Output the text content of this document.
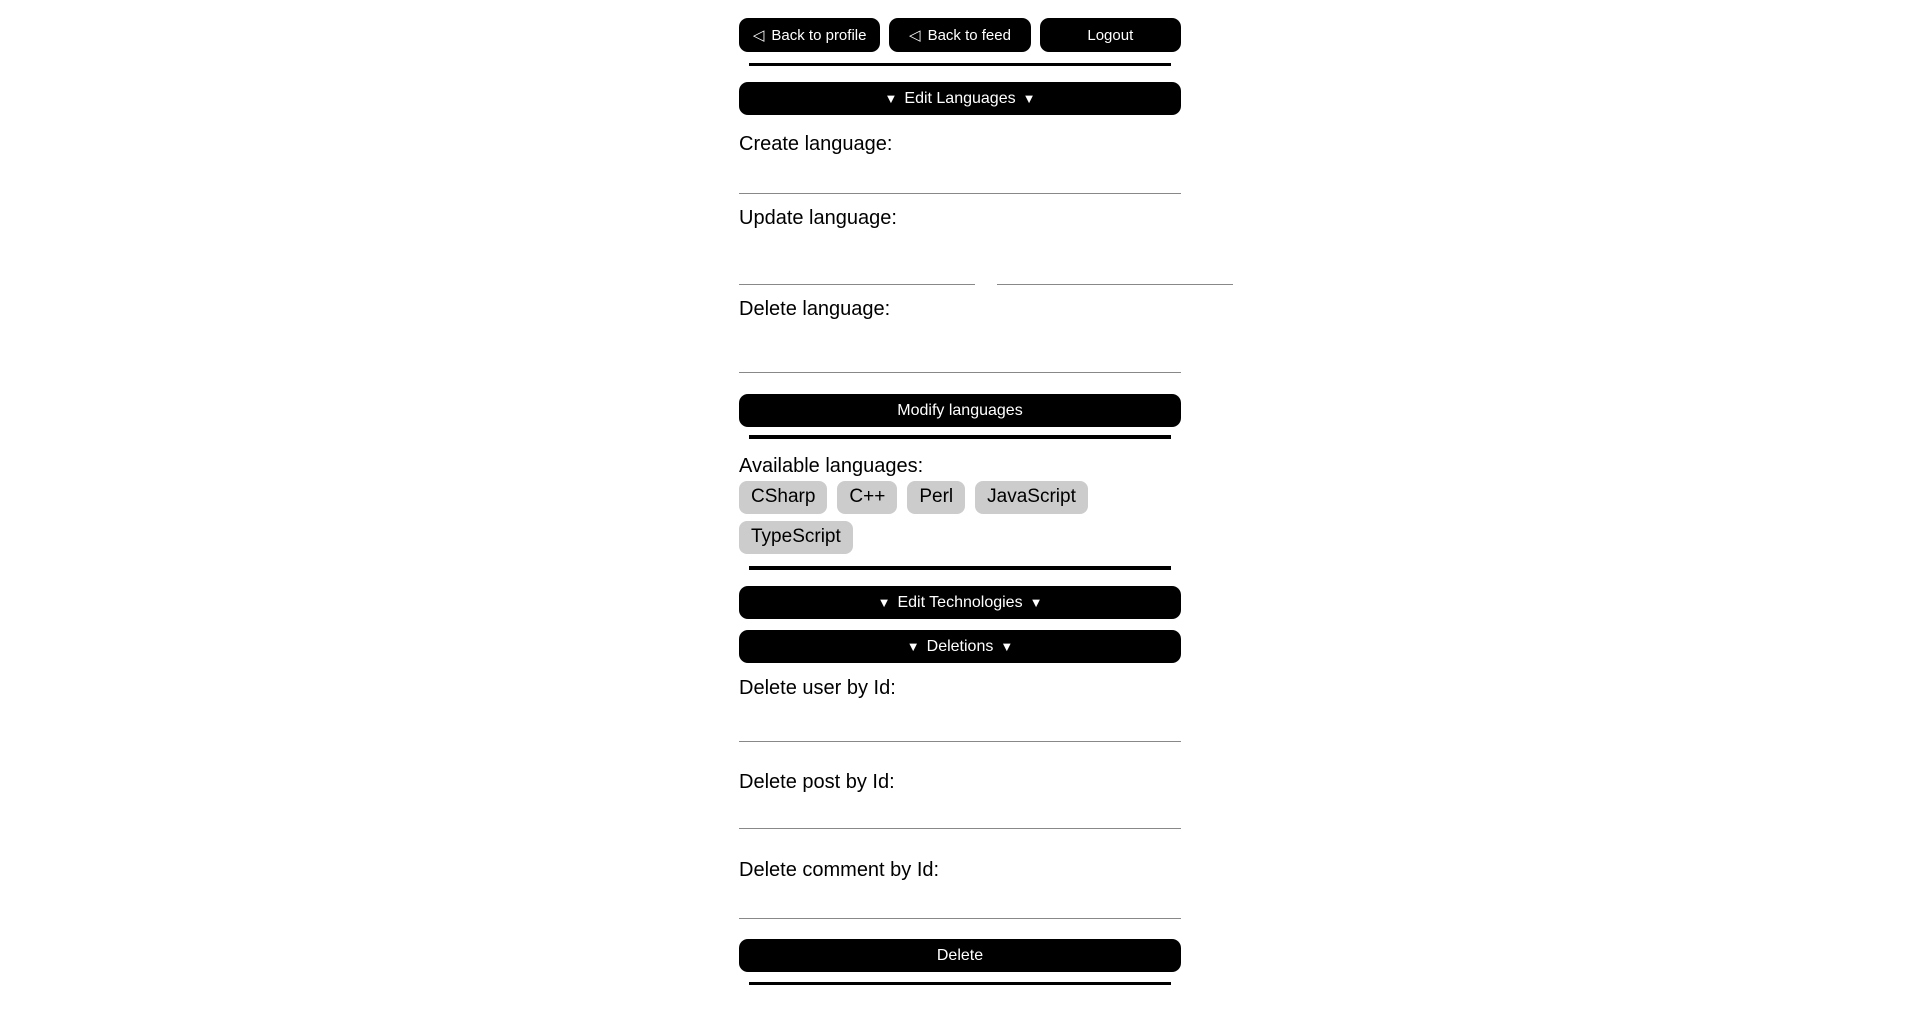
◁ Back to profile	◁ Back to feed	Logout
▼ Edit Languages ▼
Create language:
Update language:
Delete language:
Modify languages
Available languages:
CSharp	C++	Perl	JavaScript
TypeScript
▼ Edit Technologies ▼
▼ Deletions ▼
Delete user by Id:
Delete post by Id:
Delete comment by Id:
Delete
